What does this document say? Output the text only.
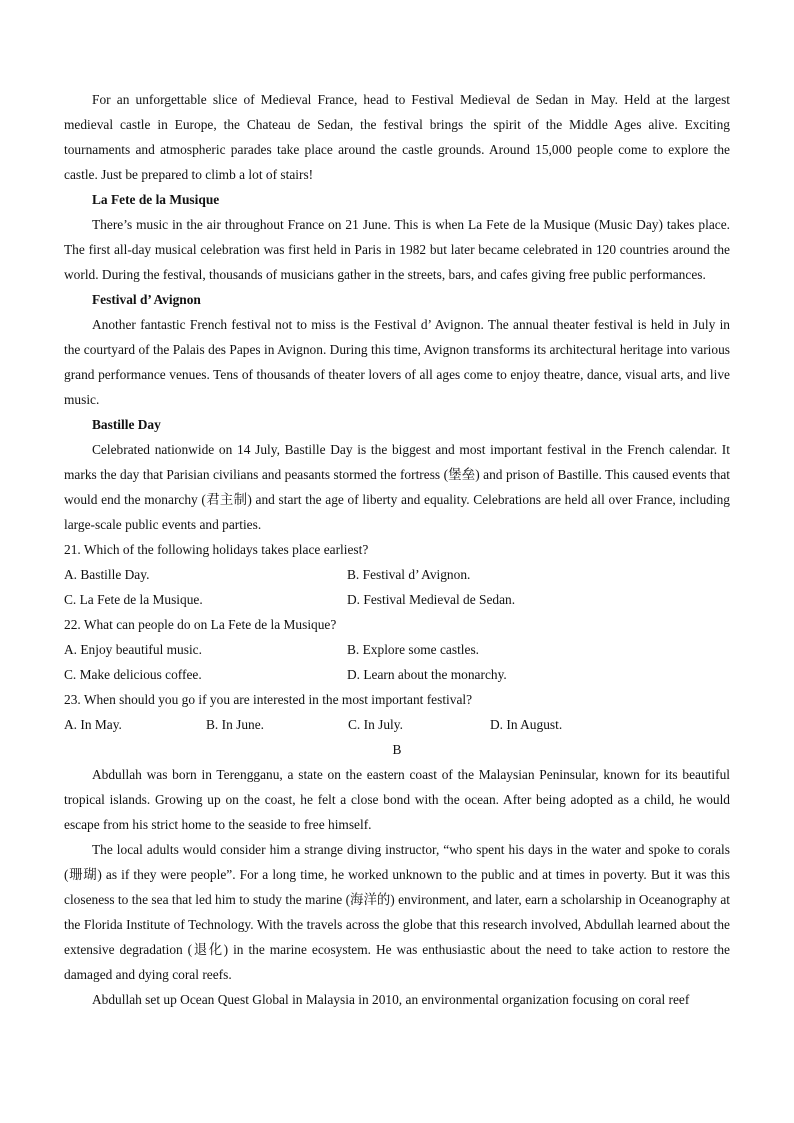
For an unforgettable slice of Medieval France, head to Festival Medieval de Sedan in May. Held at the largest medieval castle in Europe, the Chateau de Sedan, the festival brings the spirit of the Middle Ages alive. Exciting tournaments and atmospheric parades take place around the castle grounds. Around 15,000 people come to explore the castle. Just be prepared to climb a lot of stairs!

La Fete de la Musique

There’s music in the air throughout France on 21 June. This is when La Fete de la Musique (Music Day) takes place. The first all-day musical celebration was first held in Paris in 1982 but later became celebrated in 120 countries around the world. During the festival, thousands of musicians gather in the streets, bars, and cafes giving free public performances.

Festival d’ Avignon

Another fantastic French festival not to miss is the Festival d’ Avignon. The annual theater festival is held in July in the courtyard of the Palais des Papes in Avignon. During this time, Avignon transforms its architectural heritage into various grand performance venues. Tens of thousands of theater lovers of all ages come to enjoy theatre, dance, visual arts, and live music.

Bastille Day

Celebrated nationwide on 14 July, Bastille Day is the biggest and most important festival in the French calendar. It marks the day that Parisian civilians and peasants stormed the fortress (堡垒) and prison of Bastille. This caused events that would end the monarchy (君主制) and start the age of liberty and equality. Celebrations are held all over France, including large-scale public events and parties.

21. Which of the following holidays takes place earliest?

A. Bastille Day.	B. Festival d’ Avignon.
C. La Fete de la Musique.	D. Festival Medieval de Sedan.

22. What can people do on La Fete de la Musique?

A. Enjoy beautiful music.	B. Explore some castles.
C. Make delicious coffee.	D. Learn about the monarchy.

23. When should you go if you are interested in the most important festival?

A. In May.	B. In June.	C. In July.	D. In August.

B

Abdullah was born in Terengganu, a state on the eastern coast of the Malaysian Peninsular, known for its beautiful tropical islands. Growing up on the coast, he felt a close bond with the ocean. After being adopted as a child, he would escape from his strict home to the seaside to free himself.

The local adults would consider him a strange diving instructor, “who spent his days in the water and spoke to corals (珊瑚) as if they were people”. For a long time, he worked unknown to the public and at times in poverty. But it was this closeness to the sea that led him to study the marine (海洋的) environment, and later, earn a scholarship in Oceanography at the Florida Institute of Technology. With the travels across the globe that this research involved, Abdullah learned about the extensive degradation (退化) in the marine ecosystem. He was enthusiastic about the need to take action to restore the damaged and dying coral reefs.

Abdullah set up Ocean Quest Global in Malaysia in 2010, an environmental organization focusing on coral reef
